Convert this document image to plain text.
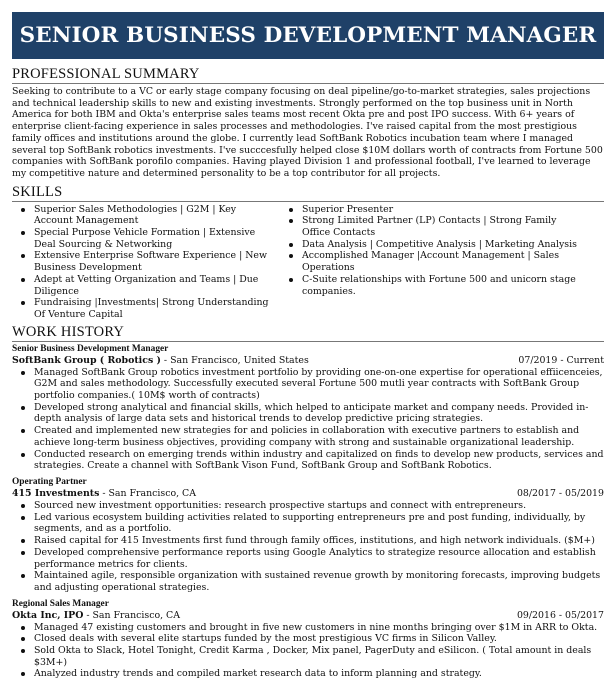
SENIOR BUSINESS DEVELOPMENT MANAGER
PROFESSIONAL SUMMARY

Seeking to contribute to a VC or early stage company focusing on deal pipeline/go-to-market strategies, sales projections and technical leadership skills to new and existing investments. Strongly performed on the top business unit in North America for both IBM and Okta's enterprise sales teams most recent Okta pre and post IPO success. With 6+ years of enterprise client-facing experience in sales processes and methodologies. I've raised capital from the most prestigious family offices and institutions around the globe. I currently lead SoftBank Robotics incubation team where I managed several top SoftBank robotics investments. I've succcesfully helped close $10M dollars worth of contracts from Fortune 500 companies with SoftBank porofilo companies. Having played Division 1 and professional football, I've learned to leverage my competitive nature and determined personality to be a top contributor for all projects.

SKILLS
Superior Sales Methodologies | G2M | Key Account Management
Special Purpose Vehicle Formation | Extensive Deal Sourcing & Networking
Extensive Enterprise Software Experience | New Business Development
Adept at Vetting Organization and Teams | Due Diligence
Fundraising |Investments| Strong Understanding Of Venture Capital
Superior Presenter
Strong Limited Partner (LP) Contacts | Strong Family Office Contacts
Data Analysis | Competitive Analysis | Marketing Analysis
Accomplished Manager |Account Management | Sales Operations
C-Suite relationships with Fortune 500 and unicorn stage companies.
WORK HISTORY
Senior Business Development Manager
SoftBank Group ( Robotics ) - San Francisco, United States	07/2019 - Current
Managed SoftBank Group robotics investment portfolio by providing one-on-one expertise for operational effiicenceies, G2M and sales methodology. Successfully executed several Fortune 500 mutli year contracts with SoftBank Group portfolio companies.( 10M$ worth of contracts)
Developed strong analytical and financial skills, which helped to anticipate market and company needs. Provided in-depth analysis of large data sets and historical trends to develop predictive pricing strategies.
Created and implemented new strategies for and policies in collaboration with executive partners to establish and achieve long-term business objectives, providing company with strong and sustainable organizational leadership.
Conducted research on emerging trends within industry and capitalized on finds to develop new products, services and strategies. Create a channel with SoftBank Vison Fund, SoftBank Group and SoftBank Robotics.
Operating Partner
415 Investments - San Francisco, CA	08/2017 - 05/2019
Sourced new investment opportunities: research prospective startups and connect with entrepreneurs.
Led various ecosystem building activities related to supporting entrepreneurs pre and post funding, individually, by segments, and as a portfolio.
Raised capital for 415 Investments first fund through family offices, institutions, and high network individuals. ($M+)
Developed comprehensive performance reports using Google Analytics to strategize resource allocation and establish performance metrics for clients.
Maintained agile, responsible organization with sustained revenue growth by monitoring forecasts, improving budgets and adjusting operational strategies.
Regional Sales Manager
Okta Inc, IPO - San Francisco, CA	09/2016 - 05/2017
Managed 47 existing customers and brought in five new customers in nine months bringing over $1M in ARR to Okta.
Closed deals with several elite startups funded by the most prestigious VC firms in Silicon Valley.
Sold Okta to Slack, Hotel Tonight, Credit Karma , Docker, Mix panel, PagerDuty and eSilicon. ( Total amount in deals $3M+)
Analyzed industry trends and compiled market research data to inform planning and strategy.
